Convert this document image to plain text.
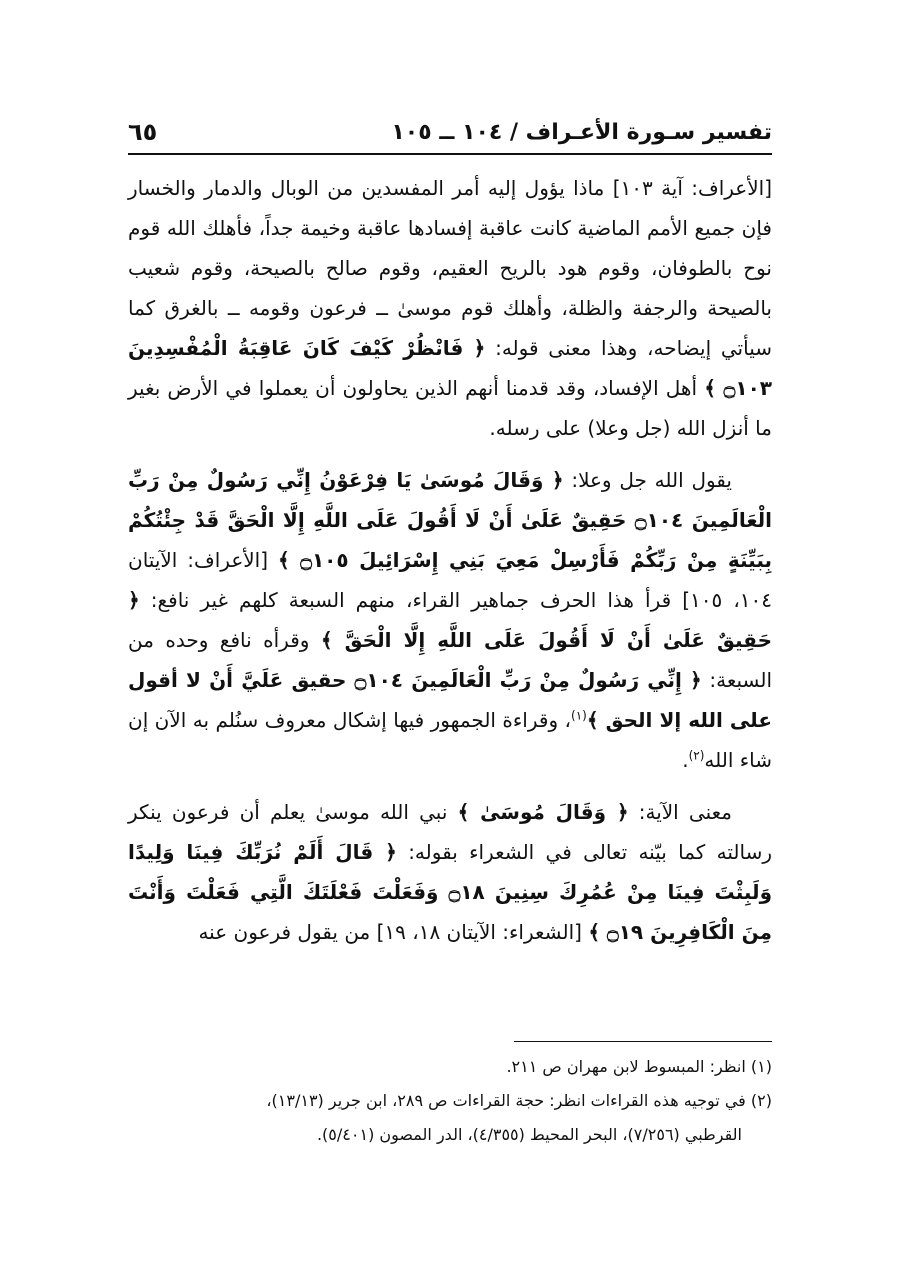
تفسير سـورة الأعـراف / ١٠٤ ــ ١٠٥
٦٥

[الأعراف: آية ١٠٣] ماذا يؤول إليه أمر المفسدين من الوبال والدمار والخسار فإن جميع الأمم الماضية كانت عاقبة إفسادها عاقبة وخيمة جداً، فأهلك الله قوم نوح بالطوفان، وقوم هود بالريح العقيم، وقوم صالح بالصيحة، وقوم شعيب بالصيحة والرجفة والظلة، وأهلك قوم موسىٰ ــ فرعون وقومه ــ بالغرق كما سيأتي إيضاحه، وهذا معنى قوله: ﴿ فَانْظُرْ كَيْفَ كَانَ عَاقِبَةُ الْمُفْسِدِينَ ۝١٠٣ ﴾ أهل الإفساد، وقد قدمنا أنهم الذين يحاولون أن يعملوا في الأرض بغير ما أنزل الله (جل وعلا) على رسله.

يقول الله جل وعلا: ﴿ وَقَالَ مُوسَىٰ يَا فِرْعَوْنُ إِنِّي رَسُولٌ مِنْ رَبِّ الْعَالَمِينَ ۝١٠٤ حَقِيقٌ عَلَىٰ أَنْ لَا أَقُولَ عَلَى اللَّهِ إِلَّا الْحَقَّ قَدْ جِئْتُكُمْ بِبَيِّنَةٍ مِنْ رَبِّكُمْ فَأَرْسِلْ مَعِيَ بَنِي إِسْرَائِيلَ ۝١٠٥ ﴾ [الأعراف: الآيتان ١٠٤، ١٠٥] قرأ هذا الحرف جماهير القراء، منهم السبعة كلهم غير نافع: ﴿ حَقِيقٌ عَلَىٰ أَنْ لَا أَقُولَ عَلَى اللَّهِ إِلَّا الْحَقَّ ﴾ وقرأه نافع وحده من السبعة: ﴿ إِنِّي رَسُولٌ مِنْ رَبِّ الْعَالَمِينَ ۝١٠٤ حقيق عَلَيَّ أَنْ لا أقول على الله إلا الحق ﴾$^{(١)}$، وقراءة الجمهور فيها إشكال معروف سنُلم به الآن إن شاء الله$^{(٢)}$.

معنى الآية: ﴿ وَقَالَ مُوسَىٰ ﴾ نبي الله موسىٰ يعلم أن فرعون ينكر رسالته كما بيّنه تعالى في الشعراء بقوله: ﴿ قَالَ أَلَمْ نُرَبِّكَ فِينَا وَلِيدًا وَلَبِثْتَ فِينَا مِنْ عُمُرِكَ سِنِينَ ۝١٨ وَفَعَلْتَ فَعْلَتَكَ الَّتِي فَعَلْتَ وَأَنْتَ مِنَ الْكَافِرِينَ ۝١٩ ﴾ [الشعراء: الآيتان ١٨، ١٩] من يقول فرعون عنه

(١) انظر: المبسوط لابن مهران ص ٢١١.

(٢) في توجيه هذه القراءات انظر: حجة القراءات ص ٢٨٩، ابن جرير (١٣/١٣)،

القرطبي (٧/٢٥٦)، البحر المحيط (٤/٣٥٥)، الدر المصون (٥/٤٠١).
